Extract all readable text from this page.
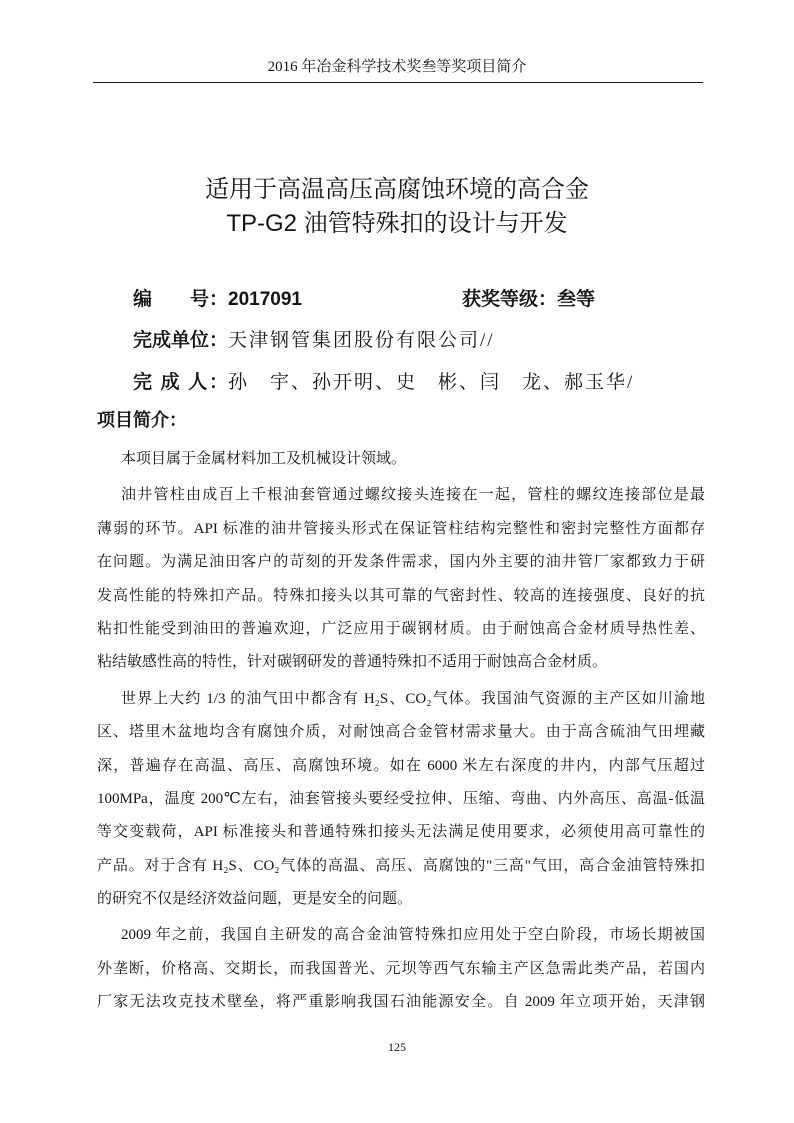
2016 年冶金科学技术奖叁等奖项目简介
适用于高温高压高腐蚀环境的高合金
TP-G2 油管特殊扣的设计与开发
编　　号：2017091	获奖等级：叁等
完成单位：天津钢管集团股份有限公司//
完 成 人：孙　宇、孙开明、史　彬、闫　龙、郝玉华/
项目简介：
本项目属于金属材料加工及机械设计领域。
油井管柱由成百上千根油套管通过螺纹接头连接在一起，管柱的螺纹连接部位是最
薄弱的环节。API 标准的油井管接头形式在保证管柱结构完整性和密封完整性方面都存
在问题。为满足油田客户的苛刻的开发条件需求，国内外主要的油井管厂家都致力于研
发高性能的特殊扣产品。特殊扣接头以其可靠的气密封性、较高的连接强度、良好的抗
粘扣性能受到油田的普遍欢迎，广泛应用于碳钢材质。由于耐蚀高合金材质导热性差、
粘结敏感性高的特性，针对碳钢研发的普通特殊扣不适用于耐蚀高合金材质。
世界上大约 1/3 的油气田中都含有 H₂S、CO₂气体。我国油气资源的主产区如川渝地
区、塔里木盆地均含有腐蚀介质，对耐蚀高合金管材需求量大。由于高含硫油气田埋藏
深，普遍存在高温、高压、高腐蚀环境。如在 6000 米左右深度的井内，内部气压超过
100MPa，温度 200℃左右，油套管接头要经受拉伸、压缩、弯曲、内外高压、高温-低温
等交变载荷，API 标准接头和普通特殊扣接头无法满足使用要求，必须使用高可靠性的
产品。对于含有 H₂S、CO₂气体的高温、高压、高腐蚀的"三高"气田，高合金油管特殊扣
的研究不仅是经济效益问题，更是安全的问题。
2009 年之前，我国自主研发的高合金油管特殊扣应用处于空白阶段，市场长期被国
外垄断，价格高、交期长，而我国普光、元坝等西气东输主产区急需此类产品，若国内
厂家无法攻克技术壁垒，将严重影响我国石油能源安全。自 2009 年立项开始，天津钢
125
